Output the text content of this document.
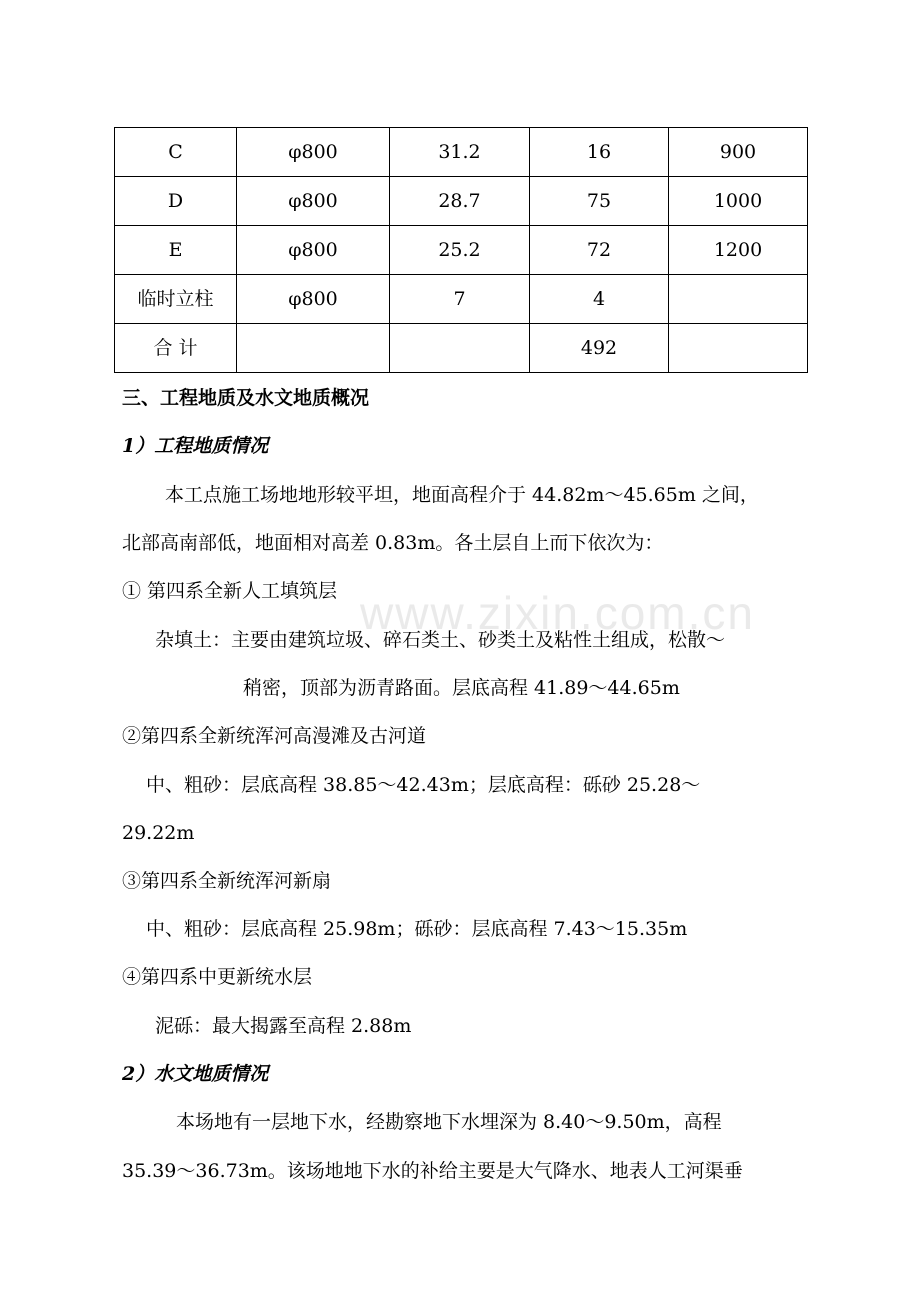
C	φ800	31.2	16	900
D	φ800	28.7	75	1000
E	φ800	25.2	72	1200
临时立柱	φ800	7	4	
合 计			492	
三、工程地质及水文地质概况
1）工程地质情况
本工点施工场地地形较平坦，地面高程介于 44.82m～45.65m 之间，
北部高南部低，地面相对高差 0.83m。各土层自上而下依次为：
① 第四系全新人工填筑层
杂填土：主要由建筑垃圾、碎石类土、砂类土及粘性土组成，松散～
稍密，顶部为沥青路面。层底高程 41.89～44.65m
②第四系全新统浑河高漫滩及古河道
中、粗砂：层底高程 38.85～42.43m；层底高程：砾砂 25.28～
29.22m
③第四系全新统浑河新扇
中、粗砂：层底高程 25.98m；砾砂：层底高程 7.43～15.35m
④第四系中更新统水层
泥砾：最大揭露至高程 2.88m
2）水文地质情况
本场地有一层地下水，经勘察地下水埋深为 8.40～9.50m，高程
35.39～36.73m。该场地地下水的补给主要是大气降水、地表人工河渠垂
www.zixin.com.cn
